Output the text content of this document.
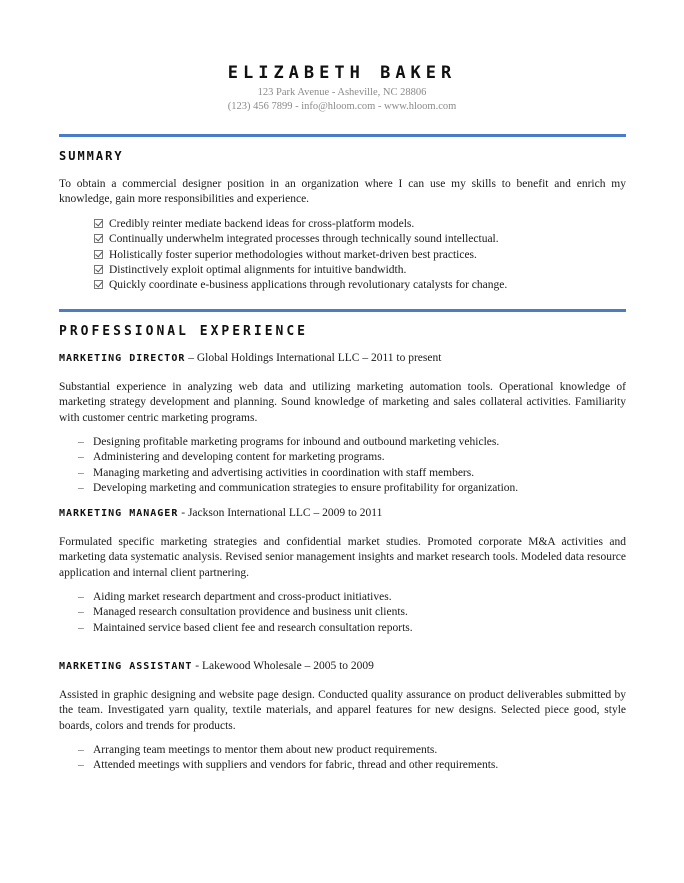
ELIZABETH BAKER
123 Park Avenue - Asheville, NC 28806
(123) 456 7899 - info@hloom.com - www.hloom.com
SUMMARY
To obtain a commercial designer position in an organization where I can use my skills to benefit and enrich my knowledge, gain more responsibilities and experience.
Credibly reinter mediate backend ideas for cross-platform models.
Continually underwhelm integrated processes through technically sound intellectual.
Holistically foster superior methodologies without market-driven best practices.
Distinctively exploit optimal alignments for intuitive bandwidth.
Quickly coordinate e-business applications through revolutionary catalysts for change.
PROFESSIONAL EXPERIENCE
MARKETING DIRECTOR – Global Holdings International LLC – 2011 to present
Substantial experience in analyzing web data and utilizing marketing automation tools. Operational knowledge of marketing strategy development and planning. Sound knowledge of marketing and sales collateral activities. Familiarity with customer centric marketing programs.
– Designing profitable marketing programs for inbound and outbound marketing vehicles.
– Administering and developing content for marketing programs.
– Managing marketing and advertising activities in coordination with staff members.
– Developing marketing and communication strategies to ensure profitability for organization.
MARKETING MANAGER - Jackson International LLC – 2009 to 2011
Formulated specific marketing strategies and confidential market studies. Promoted corporate M&A activities and marketing data systematic analysis. Revised senior management insights and market research tools. Modeled data resource application and internal client partnering.
– Aiding market research department and cross-product initiatives.
– Managed research consultation providence and business unit clients.
– Maintained service based client fee and research consultation reports.
MARKETING ASSISTANT - Lakewood Wholesale – 2005 to 2009
Assisted in graphic designing and website page design. Conducted quality assurance on product deliverables submitted by the team. Investigated yarn quality, textile materials, and apparel features for new designs. Selected piece good, style boards, colors and trends for products.
– Arranging team meetings to mentor them about new product requirements.
– Attended meetings with suppliers and vendors for fabric, thread and other requirements.
